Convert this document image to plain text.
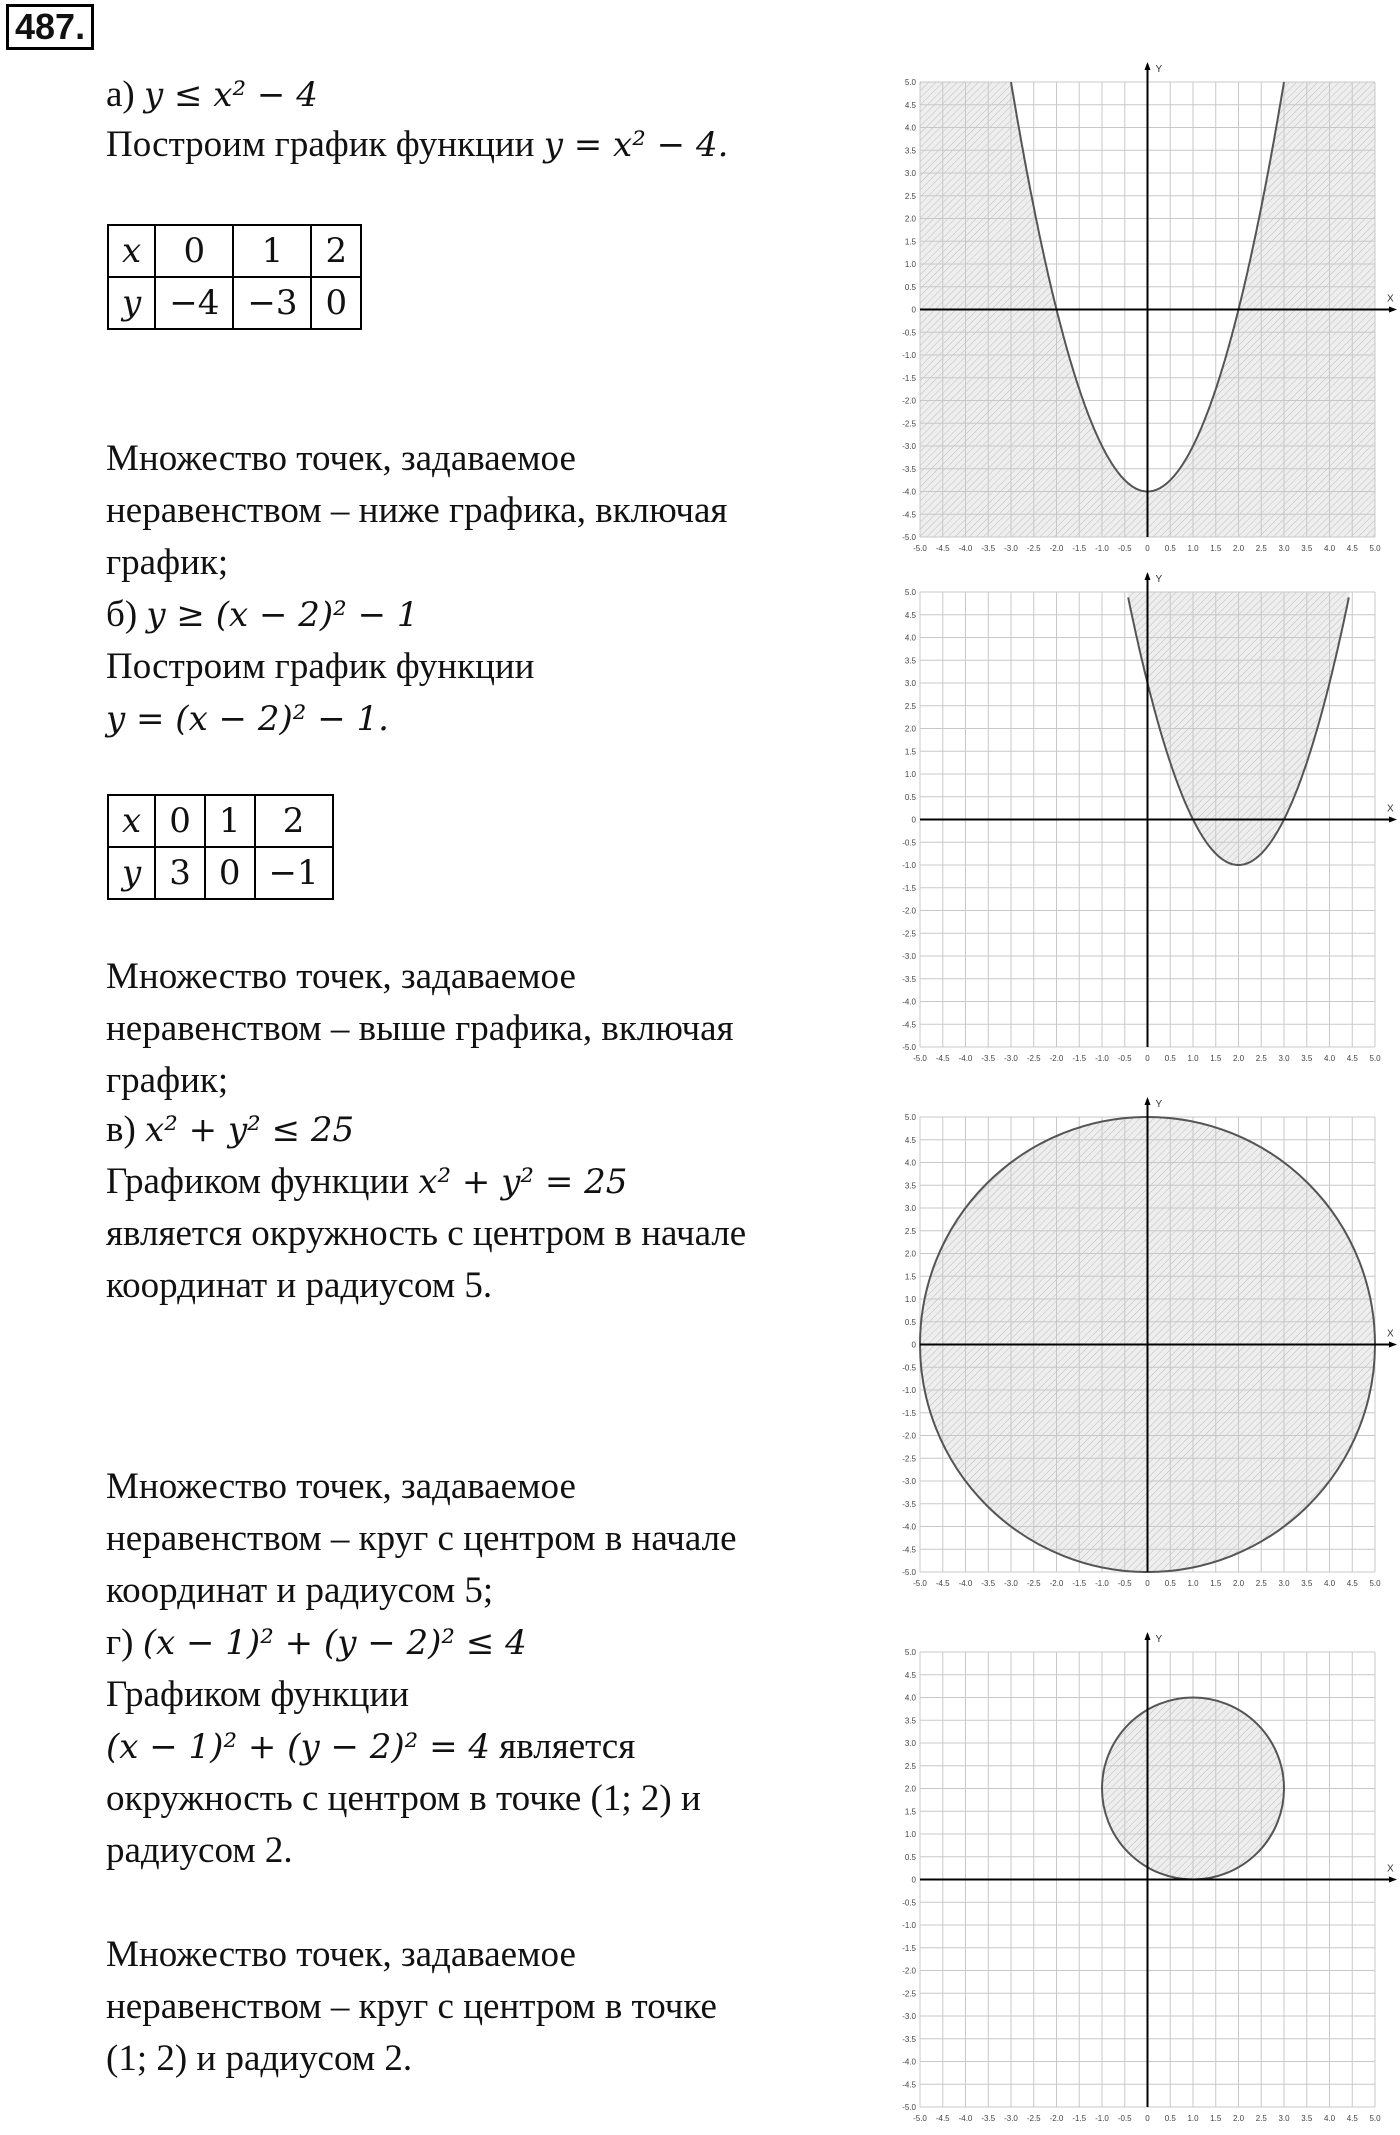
487.
а) y ≤ x² − 4
Построим график функции y = x² − 4.
x	0	1	2
y	−4	−3	0
Множество точек, задаваемое
неравенством – ниже графика, включая
график;
б) y ≥ (x − 2)² − 1
Построим график функции
y = (x − 2)² − 1.
x	0	1	2
y	3	0	−1
Множество точек, задаваемое
неравенством – выше графика, включая
график;
в) x² + y² ≤ 25
Графиком функции x² + y² = 25
является окружность с центром в начале
координат и радиусом 5.
Множество точек, задаваемое
неравенством – круг с центром в начале
координат и радиусом 5;
г) (x − 1)² + (y − 2)² ≤ 4
Графиком функции
(x − 1)² + (y − 2)² = 4 является
окружность с центром в точке (1; 2) и
радиусом 2.
Множество точек, задаваемое
неравенством – круг с центром в точке
(1; 2) и радиусом 2.
X
Y
-5.0 -4.5 -4.0 -3.5 -3.0 -2.5 -2.0 -1.5 -1.0 -0.5 0 0.5 1.0 1.5 2.0 2.5 3.0 3.5 4.0 4.5 5.0
5.0
4.5
4.0
3.5
3.0
2.5
2.0
1.5
1.0
0.5
0
-0.5
-1.0
-1.5
-2.0
-2.5
-3.0
-3.5
-4.0
-4.5
-5.0
X
Y
-5.0 -4.5 -4.0 -3.5 -3.0 -2.5 -2.0 -1.5 -1.0 -0.5 0 0.5 1.0 1.5 2.0 2.5 3.0 3.5 4.0 4.5 5.0
5.0
4.5
4.0
3.5
3.0
2.5
2.0
1.5
1.0
0.5
0
-0.5
-1.0
-1.5
-2.0
-2.5
-3.0
-3.5
-4.0
-4.5
-5.0
X
Y
-5.0 -4.5 -4.0 -3.5 -3.0 -2.5 -2.0 -1.5 -1.0 -0.5 0 0.5 1.0 1.5 2.0 2.5 3.0 3.5 4.0 4.5 5.0
5.0
4.5
4.0
3.5
3.0
2.5
2.0
1.5
1.0
0.5
0
-0.5
-1.0
-1.5
-2.0
-2.5
-3.0
-3.5
-4.0
-4.5
-5.0
X
Y
-5.0 -4.5 -4.0 -3.5 -3.0 -2.5 -2.0 -1.5 -1.0 -0.5 0 0.5 1.0 1.5 2.0 2.5 3.0 3.5 4.0 4.5 5.0
5.0
4.5
4.0
3.5
3.0
2.5
2.0
1.5
1.0
0.5
0
-0.5
-1.0
-1.5
-2.0
-2.5
-3.0
-3.5
-4.0
-4.5
-5.0
